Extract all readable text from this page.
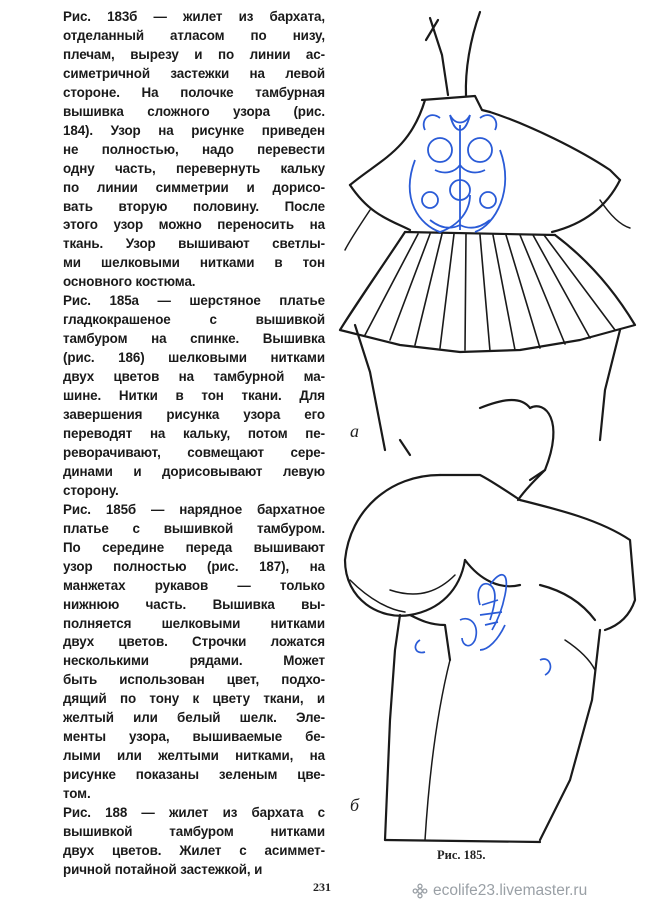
Рис. 183б — жилет из бархата,
отделанный атласом по низу,
плечам, вырезу и по линии ас-
симетричной застежки на левой
стороне. На полочке тамбурная
вышивка сложного узора (рис.
184). Узор на рисунке приведен
не полностью, надо перевести
одну часть, перевернуть кальку
по линии симметрии и дорисо-
вать вторую половину. После
этого узор можно переносить на
ткань. Узор вышивают светлы-
ми шелковыми нитками в тон
основного костюма.
Рис. 185а — шерстяное платье
гладкокрашеное с вышивкой
тамбуром на спинке. Вышивка
(рис. 186) шелковыми нитками
двух цветов на тамбурной ма-
шине. Нитки в тон ткани. Для
завершения рисунка узора его
переводят на кальку, потом пе-
реворачивают, совмещают сере-
динами и дорисовывают левую
сторону.
Рис. 185б — нарядное бархатное
платье с вышивкой тамбуром.
По середине переда вышивают
узор полностью (рис. 187), на
манжетах рукавов — только
нижнюю часть. Вышивка вы-
полняется шелковыми нитками
двух цветов. Строчки ложатся
несколькими рядами. Может
быть использован цвет, подхо-
дящий по тону к цвету ткани, и
желтый или белый шелк. Эле-
менты узора, вышиваемые бе-
лыми или желтыми нитками, на
рисунке показаны зеленым цве-
том.
Рис. 188 — жилет из бархата с
вышивкой тамбуром нитками
двух цветов. Жилет с асиммет-
ричной потайной застежкой, и
а
б
Рис. 185.
231	ecolife23.livemaster.ru
